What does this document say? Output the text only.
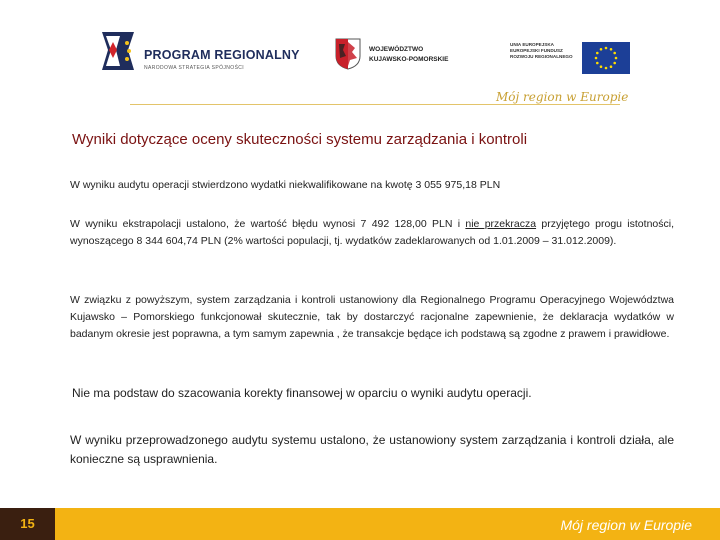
PROGRAM REGIONALNY
NARODOWA STRATEGIA SPÓJNOŚCI
WOJEWÓDZTWO
KUJAWSKO-POMORSKIE
UNIA EUROPEJSKA
EUROPEJSKI FUNDUSZ
ROZWOJU REGIONALNEGO
Mój region w Europie
Wyniki dotyczące oceny skuteczności systemu zarządzania i kontroli
W wyniku audytu operacji stwierdzono wydatki niekwalifikowane na kwotę 3 055 975,18 PLN
W wyniku ekstrapolacji ustalono, że wartość błędu wynosi 7 492 128,00 PLN i nie przekracza przyjętego progu istotności, wynoszącego 8 344 604,74 PLN (2% wartości populacji, tj. wydatków zadeklarowanych od 1.01.2009 – 31.012.2009).
W związku z powyższym, system zarządzania i kontroli ustanowiony dla Regionalnego Programu Operacyjnego Województwa Kujawsko – Pomorskiego funkcjonował skutecznie, tak by dostarczyć racjonalne zapewnienie, że deklaracja wydatków w badanym okresie jest poprawna, a tym samym zapewnia , że transakcje będące ich podstawą są zgodne z prawem i prawidłowe.
Nie ma podstaw do szacowania korekty finansowej w oparciu o wyniki audytu operacji.
W wyniku przeprowadzonego audytu systemu ustalono, że ustanowiony system zarządzania i kontroli działa, ale konieczne są usprawnienia.
15	Mój region w Europie
